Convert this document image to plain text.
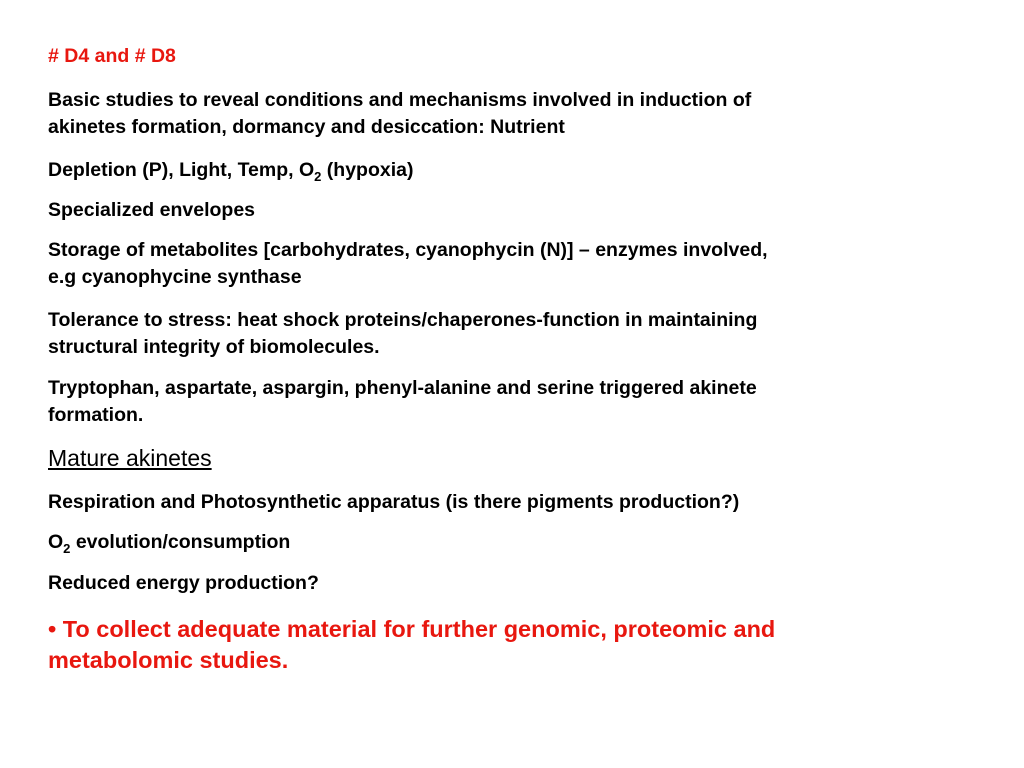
# D4 and # D8
Basic studies to reveal conditions and mechanisms involved in induction of
akinetes formation, dormancy and desiccation: Nutrient
Depletion (P), Light, Temp, $O_2$ (hypoxia)
Specialized envelopes
Storage of metabolites [carbohydrates, cyanophycin (N)] – enzymes involved,
e.g cyanophycine synthase
Tolerance to stress: heat shock proteins/chaperones-function in maintaining
structural integrity of biomolecules.
Tryptophan, aspartate, aspargin, phenyl-alanine and serine triggered akinete
formation.
Mature akinetes
Respiration and Photosynthetic apparatus (is there pigments production?)
$O_2$ evolution/consumption
Reduced energy production?
• To collect adequate material for further genomic, proteomic and
metabolomic studies.
